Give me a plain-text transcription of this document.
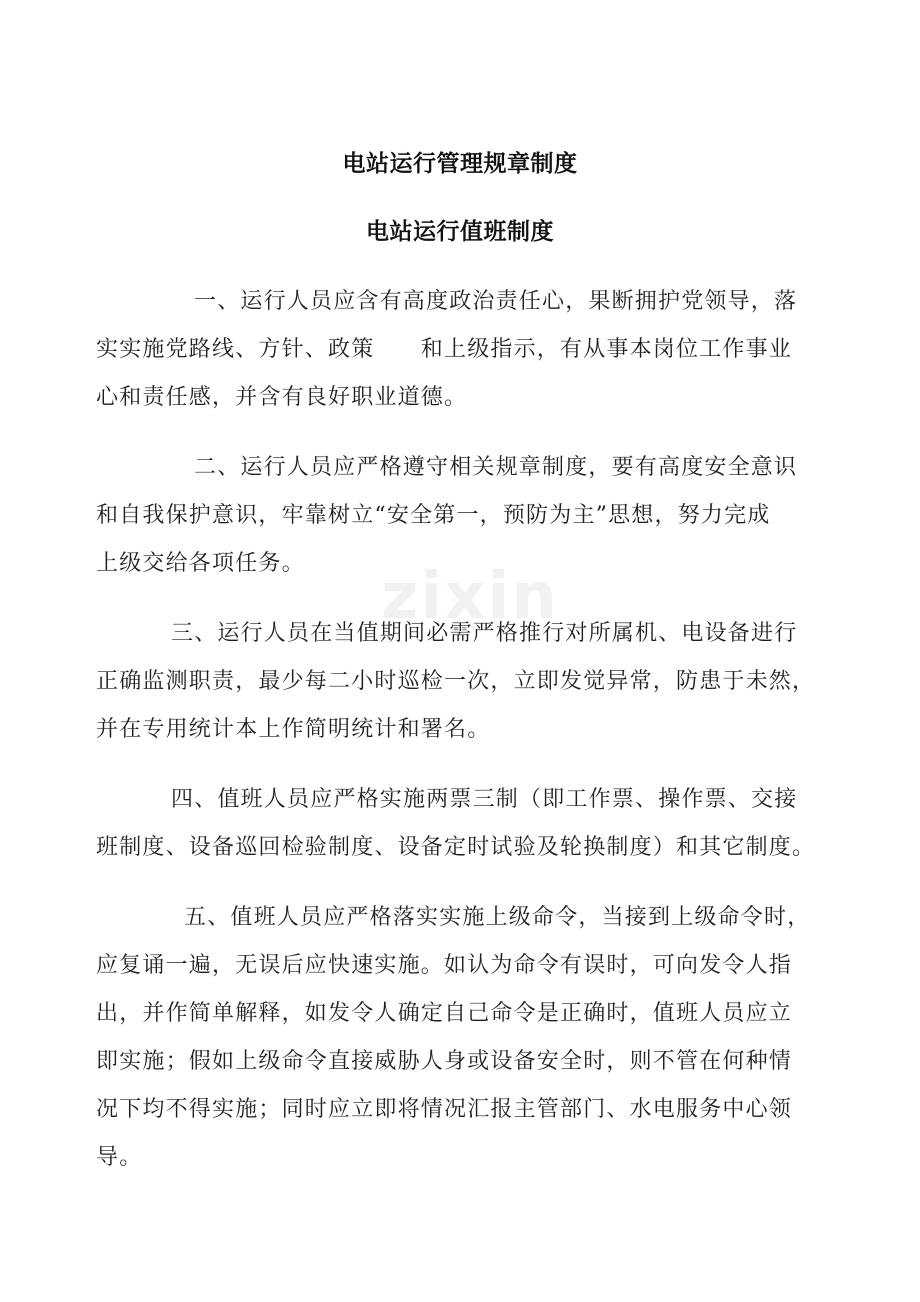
zixin
电站运行管理规章制度
电站运行值班制度

一、运行人员应含有高度政治责任心，果断拥护党领导，落

实实施党路线、方针、政策　　和上级指示，有从事本岗位工作事业

心和责任感，并含有良好职业道德。

二、运行人员应严格遵守相关规章制度，要有高度安全意识

和自我保护意识，牢靠树立“安全第一，预防为主”思想，努力完成

上级交给各项任务。

三、运行人员在当值期间必需严格推行对所属机、电设备进行

正确监测职责，最少每二小时巡检一次，立即发觉异常，防患于未然，

并在专用统计本上作简明统计和署名。

四、值班人员应严格实施两票三制（即工作票、操作票、交接

班制度、设备巡回检验制度、设备定时试验及轮换制度）和其它制度。

五、值班人员应严格落实实施上级命令，当接到上级命令时，

应复诵一遍，无误后应快速实施。如认为命令有误时，可向发令人指

出，并作简单解释，如发令人确定自己命令是正确时，值班人员应立

即实施；假如上级命令直接威胁人身或设备安全时，则不管在何种情

况下均不得实施；同时应立即将情况汇报主管部门、水电服务中心领

导。
